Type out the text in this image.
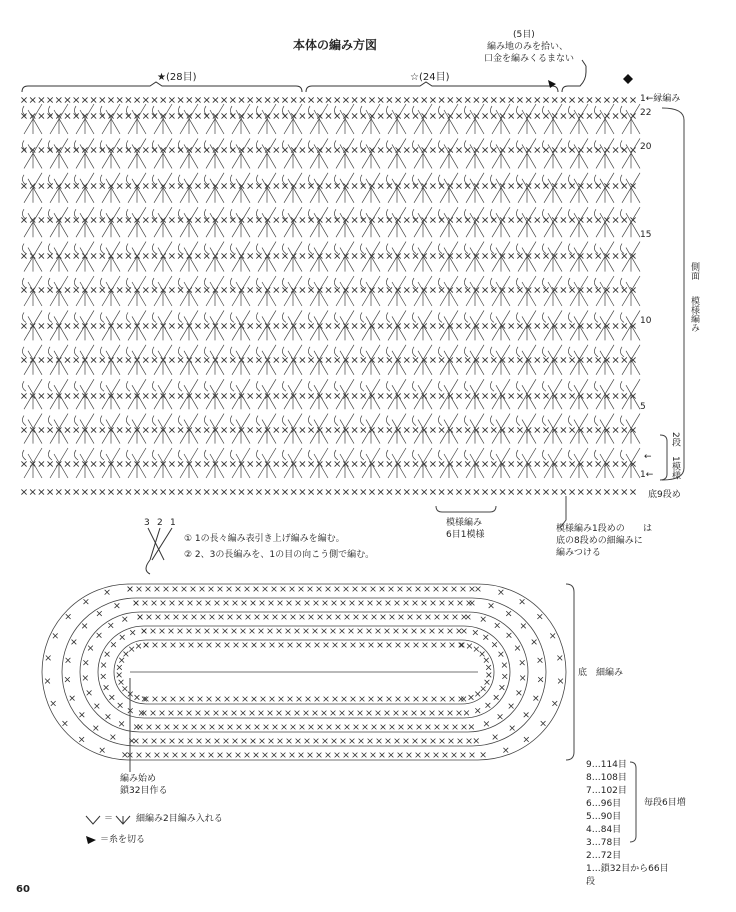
本体の編み方図
★(28目)	☆(24目)
(5目)
編み地のみを拾い、
口金を編みくるまない
1←縁編み
22
20
15
10
5
←
1←
側面
模様編み
2段
1模様
底9段め
模様編み
6目1模様
模様編み1段めの は
底の8段めの細編みに
編みつける
3 2 1
① 1の長々編み表引き上げ編みを編む。
② 2、3の長編みを、1の目の向こう側で編む。
底　細編み
編み始め
鎖32目作る
9…114目
8…108目
7…102目
6…96目
5…90目
4…84目
3…78目
2…72目
1…鎖32目から66目
段
毎段6目増
＝	細編み2目編み入れる
＝糸を切る
60
